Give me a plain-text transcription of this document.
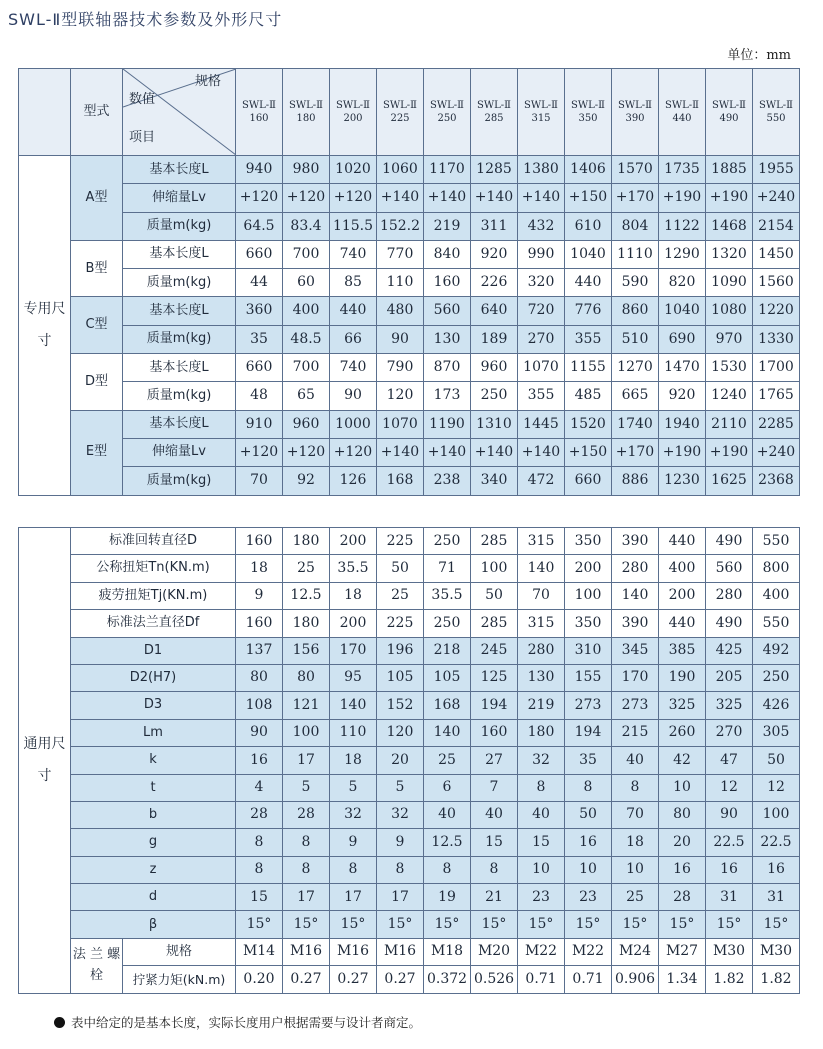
SWL-Ⅱ型联轴器技术参数及外形尺寸
单位：mm
	型式	规格
数值
项目	SWL-Ⅱ 160	SWL-Ⅱ 180	SWL-Ⅱ 200	SWL-Ⅱ 225	SWL-Ⅱ 250	SWL-Ⅱ 285	SWL-Ⅱ 315	SWL-Ⅱ 350	SWL-Ⅱ 390	SWL-Ⅱ 440	SWL-Ⅱ 490	SWL-Ⅱ 550
专用尺寸	A型	基本长度L	940	980	1020	1060	1170	1285	1380	1406	1570	1735	1885	1955
		伸缩量Lv	+120	+120	+120	+140	+140	+140	+140	+150	+170	+190	+190	+240
		质量m(kg)	64.5	83.4	115.5	152.2	219	311	432	610	804	1122	1468	2154
	B型	基本长度L	660	700	740	770	840	920	990	1040	1110	1290	1320	1450
		质量m(kg)	44	60	85	110	160	226	320	440	590	820	1090	1560
	C型	基本长度L	360	400	440	480	560	640	720	776	860	1040	1080	1220
		质量m(kg)	35	48.5	66	90	130	189	270	355	510	690	970	1330
	D型	基本长度L	660	700	740	790	870	960	1070	1155	1270	1470	1530	1700
		质量m(kg)	48	65	90	120	173	250	355	485	665	920	1240	1765
	E型	基本长度L	910	960	1000	1070	1190	1310	1445	1520	1740	1940	2110	2285
		伸缩量Lv	+120	+120	+120	+140	+140	+140	+140	+150	+170	+190	+190	+240
		质量m(kg)	70	92	126	168	238	340	472	660	886	1230	1625	2368
通用尺寸	标准回转直径D		160	180	200	225	250	285	315	350	390	440	490	550
	公称扭矩Tn(KN.m)		18	25	35.5	50	71	100	140	200	280	400	560	800
	疲劳扭矩Tj(KN.m)		9	12.5	18	25	35.5	50	70	100	140	200	280	400
	标准法兰直径Df		160	180	200	225	250	285	315	350	390	440	490	550
	D1		137	156	170	196	218	245	280	310	345	385	425	492
	D2(H7)		80	80	95	105	105	125	130	155	170	190	205	250
	D3		108	121	140	152	168	194	219	273	273	325	325	426
	Lm		90	100	110	120	140	160	180	194	215	260	270	305
	k		16	17	18	20	25	27	32	35	40	42	47	50
	t		4	5	5	5	6	7	8	8	8	10	12	12
	b		28	28	32	32	40	40	40	50	70	80	90	100
	g		8	8	9	9	12.5	15	15	16	18	20	22.5	22.5
	z		8	8	8	8	8	8	10	10	10	16	16	16
	d		15	17	17	17	19	21	23	23	25	28	31	31
	β		15°	15°	15°	15°	15°	15°	15°	15°	15°	15°	15°	15°
	法 兰 螺 栓	规格	M14	M16	M16	M16	M18	M20	M22	M22	M24	M27	M30	M30
		拧紧力矩(kN.m)	0.20	0.27	0.27	0.27	0.372	0.526	0.71	0.71	0.906	1.34	1.82	1.82
表中给定的是基本长度，实际长度用户根据需要与设计者商定。
